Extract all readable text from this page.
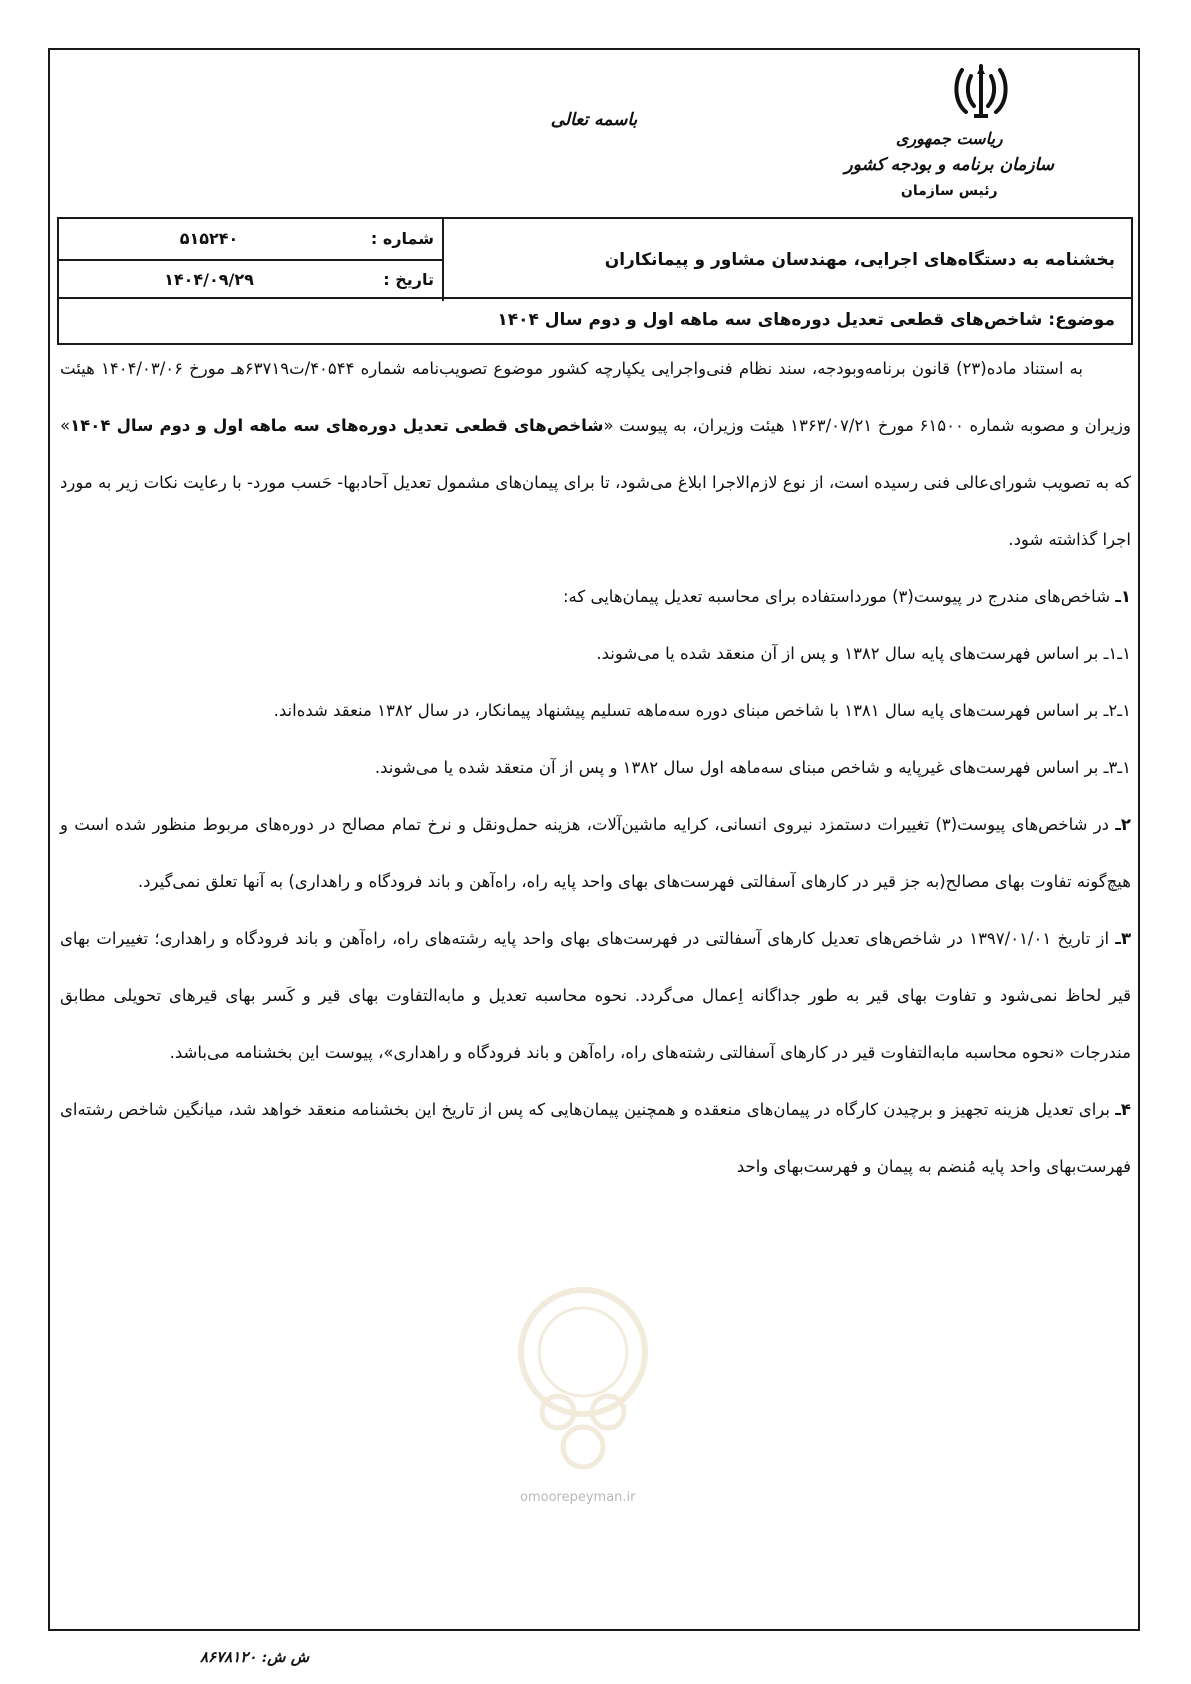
باسمه تعالی
ریاست جمهوری
سازمان برنامه و بودجه کشور
رئیس سازمان
۵۱۵۲۴۰	شماره :
۱۴۰۴/۰۹/۲۹	تاریخ :
بخشنامه به دستگاه‌های اجرایی، مهندسان مشاور و پیمانکاران
موضوع: شاخص‌های قطعی تعدیل دوره‌های سه ماهه اول و دوم سال ۱۴۰۴
omoorepeyman.ir

به استناد ماده(۲۳) قانون برنامه‌وبودجه، سند نظام فنی‌واجرایی یکپارچه کشور موضوع تصویب‌نامه شماره ۴۰۵۴۴/ت۶۳۷۱۹هـ مورخ ۱۴۰۴/۰۳/۰۶ هیئت وزیران و مصوبه شماره ۶۱۵۰۰ مورخ ۱۳۶۳/۰۷/۲۱ هیئت وزیران، به پیوست «شاخص‌های قطعی تعدیل دوره‌های سه ماهه اول و دوم سال ۱۴۰۴» که به تصویب شورای‌عالی فنی رسیده است، از نوع لازم‌الاجرا ابلاغ می‌شود، تا برای پیمان‌های مشمول تعدیل آحادبها- حَسب مورد- با رعایت نکات زیر به مورد اجرا گذاشته شود.

۱ـ شاخص‌های مندرج در پیوست(۳) مورداستفاده برای محاسبه تعدیل پیمان‌هایی که:

۱ـ۱ـ بر اساس فهرست‌های پایه سال ۱۳۸۲ و پس از آن منعقد شده یا می‌شوند.

۱ـ۲ـ بر اساس فهرست‌های پایه سال ۱۳۸۱ با شاخص مبنای دوره سه‌ماهه تسلیم پیشنهاد پیمانکار، در سال ۱۳۸۲ منعقد شده‌اند.

۱ـ۳ـ بر اساس فهرست‌های غیرپایه و شاخص مبنای سه‌ماهه اول سال ۱۳۸۲ و پس از آن منعقد شده یا می‌شوند.

۲ـ در شاخص‌های پیوست(۳) تغییرات دستمزد نیروی انسانی، کرایه ماشین‌آلات، هزینه حمل‌ونقل و نرخ تمام مصالح در دوره‌های مربوط منظور شده است و هیچ‌گونه تفاوت بهای مصالح(به جز قیر در کارهای آسفالتی فهرست‌های بهای واحد پایه راه، راه‌آهن و باند فرودگاه و راهداری) به آنها تعلق نمی‌گیرد.

۳ـ از تاریخ ۱۳۹۷/۰۱/۰۱ در شاخص‌های تعدیل کارهای آسفالتی در فهرست‌های بهای واحد پایه رشته‌های راه، راه‌آهن و باند فرودگاه و راهداری؛ تغییرات بهای قیر لحاظ نمی‌شود و تفاوت بهای قیر به طور جداگانه اِعمال می‌گردد. نحوه محاسبه تعدیل و مابه‌التفاوت بهای قیر و کَسر بهای قیرهای تحویلی مطابق مندرجات «نحوه محاسبه مابه‌التفاوت قیر در کارهای آسفالتی رشته‌های راه، راه‌آهن و باند فرودگاه و راهداری»، پیوست این بخشنامه می‌باشد.

۴ـ برای تعدیل هزینه تجهیز و برچیدن کارگاه در پیمان‌های منعقده و همچنین پیمان‌هایی که پس از تاریخ این بخشنامه منعقد خواهد شد، میانگین شاخص رشته‌ای فهرست‌بهای واحد پایه مُنضم به پیمان و فهرست‌بهای واحد

ش ش: ۸۶۷۸۱۲۰
